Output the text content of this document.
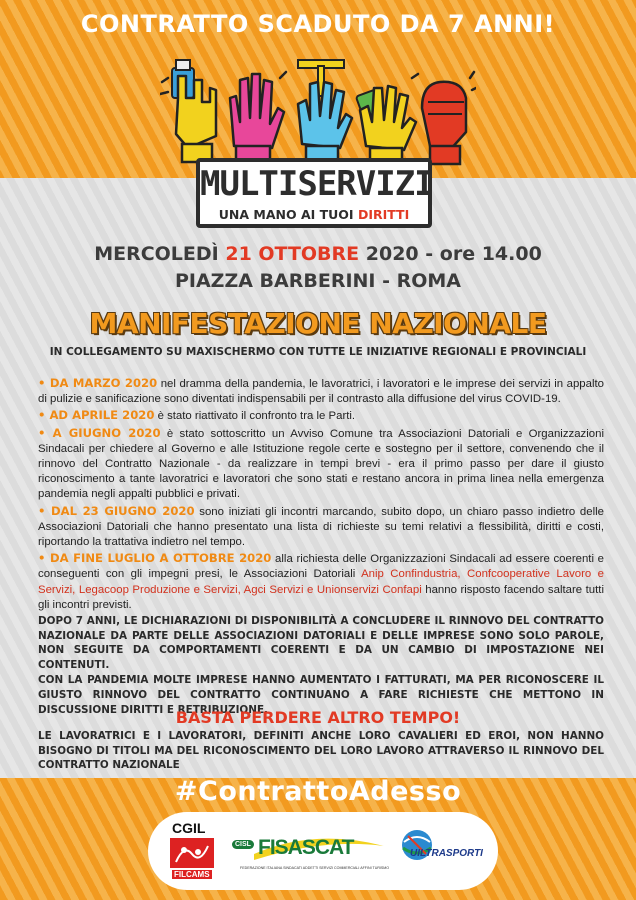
CONTRATTO SCADUTO DA 7 ANNI!
MULTISERVIZI
UNA MANO AI TUOI DIRITTI
MERCOLEDÌ 21 OTTOBRE 2020 - ore 14.00
PIAZZA BARBERINI - ROMA
MANIFESTAZIONE NAZIONALE
IN COLLEGAMENTO SU MAXISCHERMO CON TUTTE LE INIZIATIVE REGIONALI E PROVINCIALI

• DA MARZO 2020 nel dramma della pandemia, le lavoratrici, i lavoratori e le imprese dei servizi in appalto di pulizie e sanificazione sono diventati indispensabili per il contrasto alla diffusione del virus COVID-19.

• AD APRILE 2020 è stato riattivato il confronto tra le Parti.

• A GIUGNO 2020 è stato sottoscritto un Avviso Comune tra Associazioni Datoriali e Organizzazioni Sindacali per chiedere al Governo e alle Istituzione regole certe e sostegno per il settore, convenendo che il rinnovo del Contratto Nazionale - da realizzare in tempi brevi - era il primo passo per dare il giusto riconoscimento a tante lavoratrici e lavoratori che sono stati e restano ancora in prima linea nella emergenza pandemia negli appalti pubblici e privati.

• DAL 23 GIUGNO 2020 sono iniziati gli incontri marcando, subito dopo, un chiaro passo indietro delle Associazioni Datoriali che hanno presentato una lista di richieste su temi relativi a flessibilità, diritti e costi, riportando la trattativa indietro nel tempo.

• DA FINE LUGLIO A OTTOBRE 2020 alla richiesta delle Organizzazioni Sindacali ad essere coerenti e conseguenti con gli impegni presi, le Associazioni Datoriali Anip Confindustria, Confcooperative Lavoro e Servizi, Legacoop Produzione e Servizi, Agci Servizi e Unionservizi Confapi hanno risposto facendo saltare tutti gli incontri previsti.

DOPO 7 ANNI, LE DICHIARAZIONI DI DISPONIBILITÀ A CONCLUDERE IL RINNOVO DEL CONTRATTO NAZIONALE DA PARTE DELLE ASSOCIAZIONI DATORIALI E DELLE IMPRESE SONO SOLO PAROLE, NON SEGUITE DA COMPORTAMENTI COERENTI E DA UN CAMBIO DI IMPOSTAZIONE NEI CONTENUTI.

CON LA PANDEMIA MOLTE IMPRESE HANNO AUMENTATO I FATTURATI, MA PER RICONOSCERE IL GIUSTO RINNOVO DEL CONTRATTO CONTINUANO A FARE RICHIESTE CHE METTONO IN DISCUSSIONE DIRITTI E RETRIBUZIONE.

BASTA PERDERE ALTRO TEMPO!
LE LAVORATRICI E I LAVORATORI, DEFINITI ANCHE LORO CAVALIERI ED EROI, NON HANNO BISOGNO DI TITOLI MA DEL RICONOSCIMENTO DEL LORO LAVORO ATTRAVERSO IL RINNOVO DEL CONTRATTO NAZIONALE
#ContrattoAdesso
CGIL
FILCAMS
CISL FISASCAT
FEDERAZIONE ITALIANA SINDACATI ADDETTI SERVIZI COMMERCIALI AFFINI TURISMO
UILTRASPORTI
